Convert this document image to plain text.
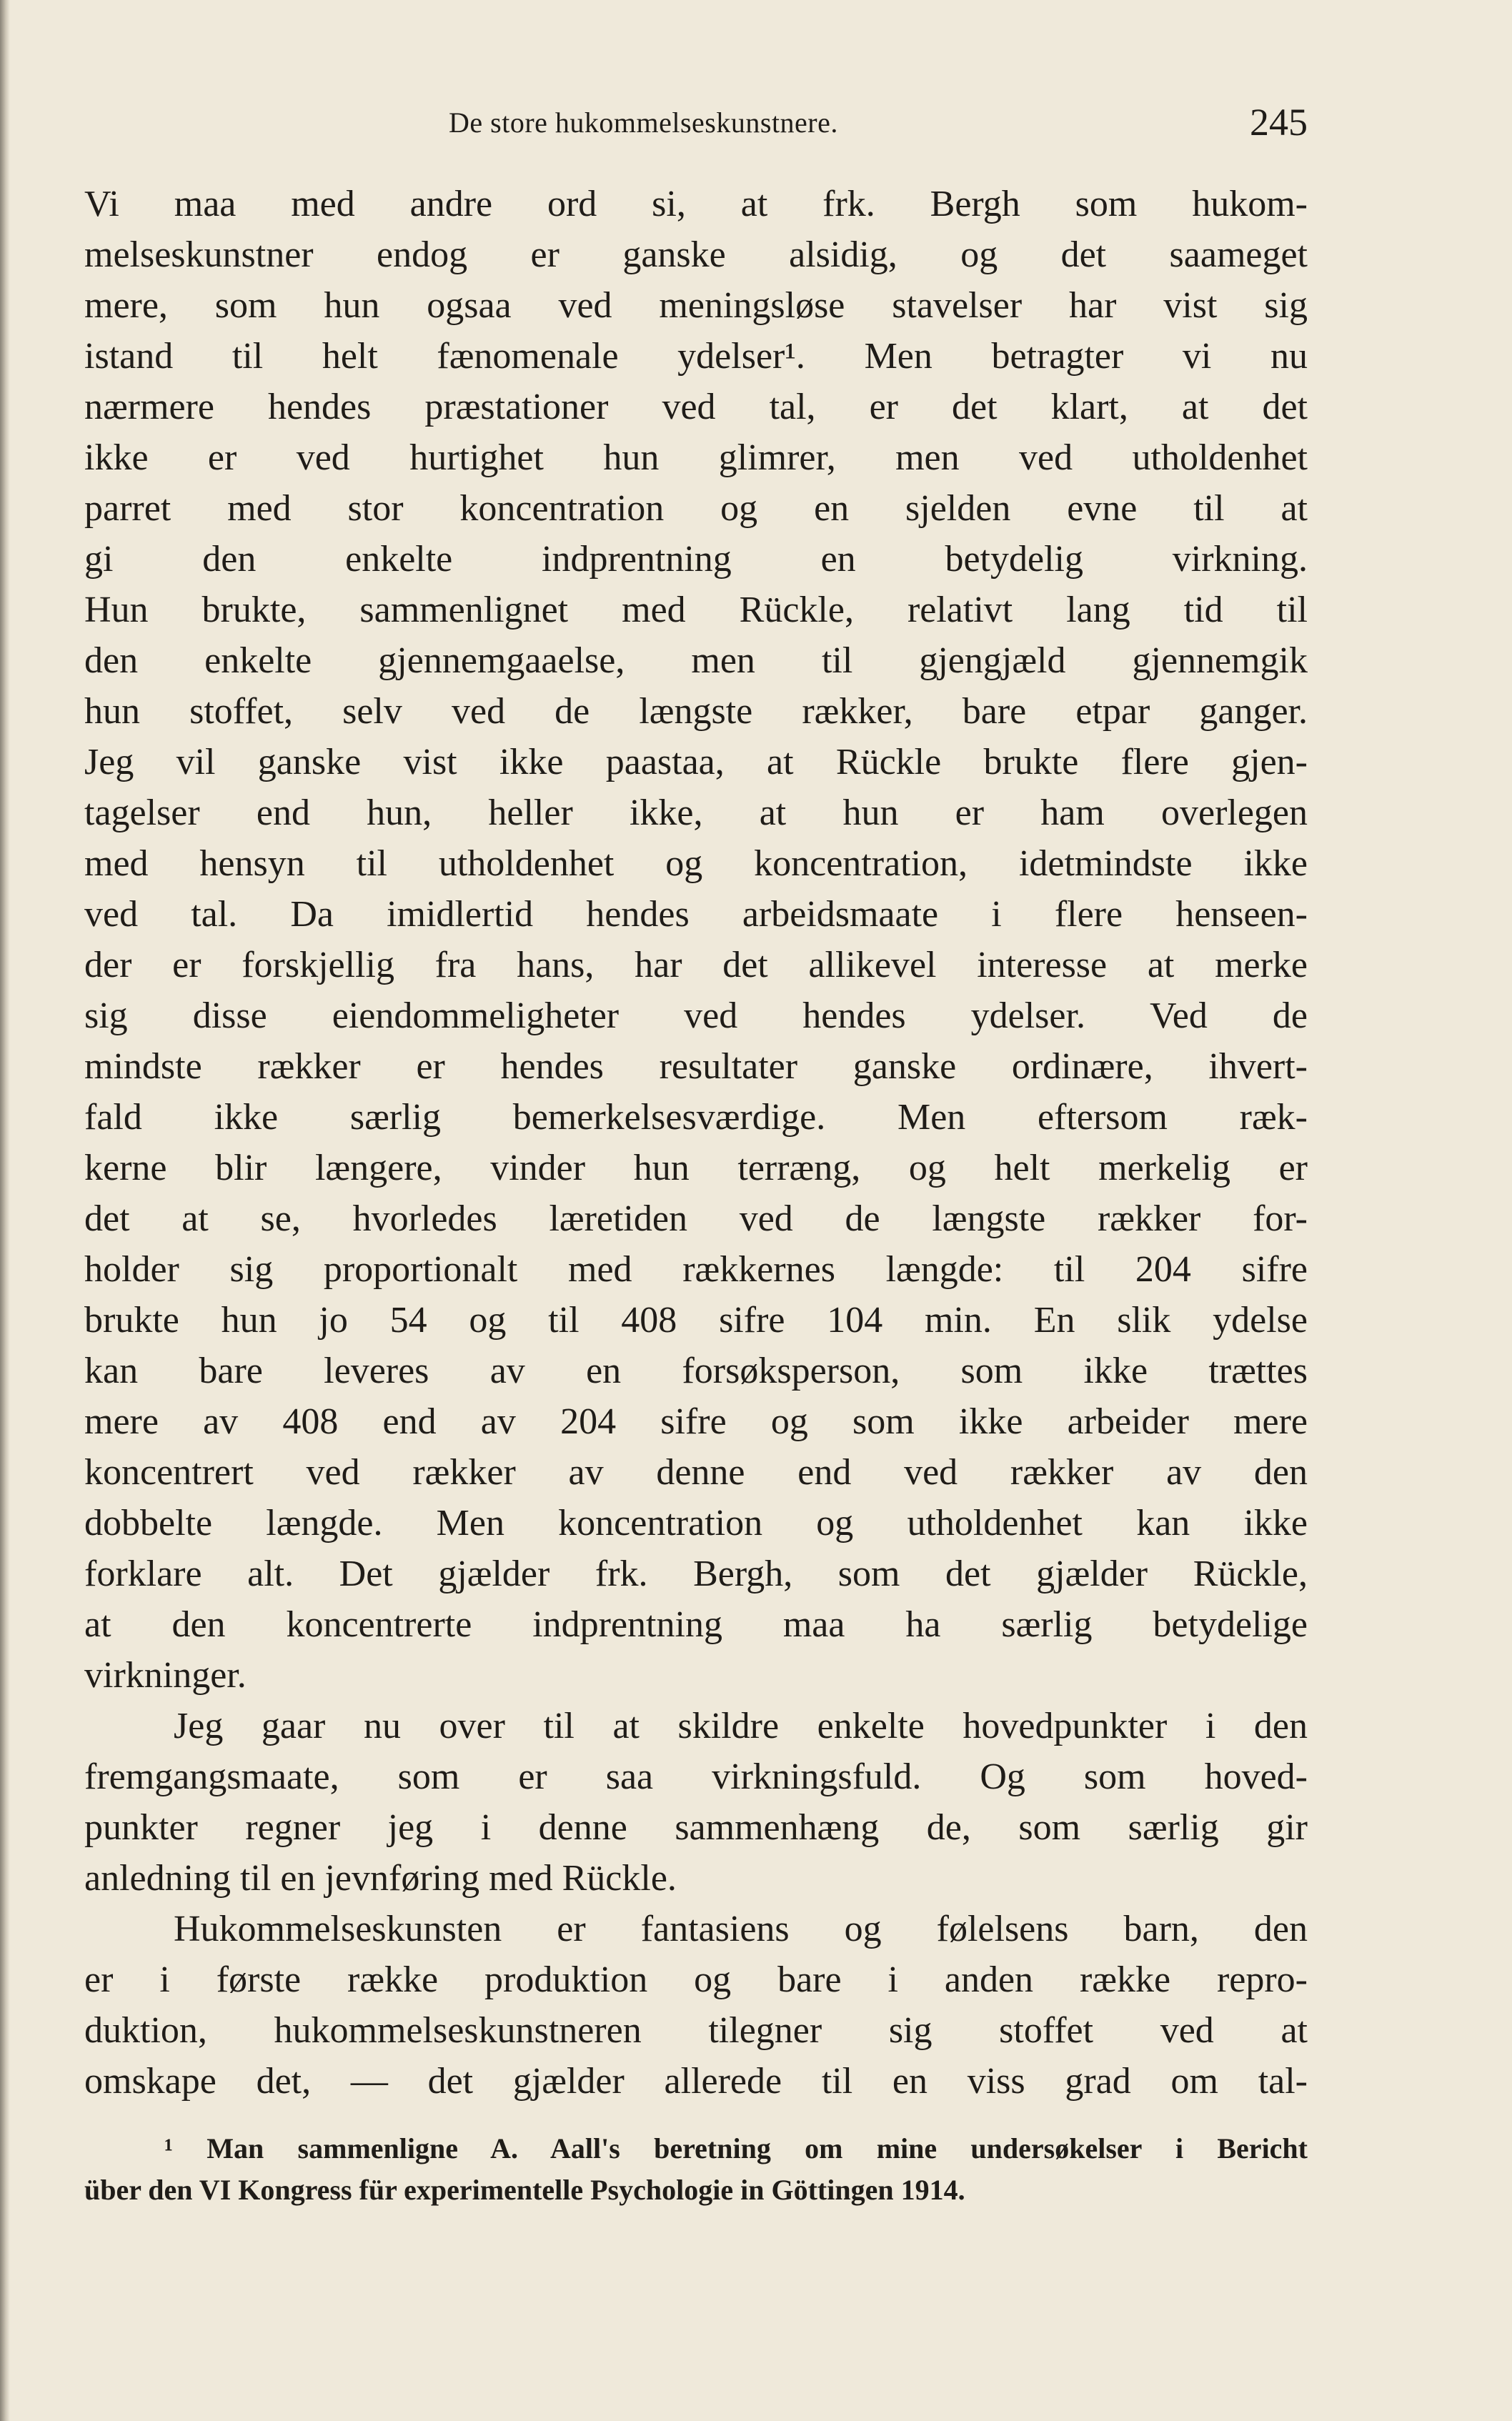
De store hukommelseskunstnere.	245
Vi maa med andre ord si, at frk. Bergh som hukom-
melseskunstner endog er ganske alsidig, og det saameget
mere, som hun ogsaa ved meningsløse stavelser har vist sig
istand til helt fænomenale ydelser¹. Men betragter vi nu
nærmere hendes præstationer ved tal, er det klart, at det
ikke er ved hurtighet hun glimrer, men ved utholdenhet
parret med stor koncentration og en sjelden evne til at
gi den enkelte indprentning en betydelig virkning.
Hun brukte, sammenlignet med Rückle, relativt lang tid til
den enkelte gjennemgaaelse, men til gjengjæld gjennemgik
hun stoffet, selv ved de længste rækker, bare etpar ganger.
Jeg vil ganske vist ikke paastaa, at Rückle brukte flere gjen-
tagelser end hun, heller ikke, at hun er ham overlegen
med hensyn til utholdenhet og koncentration, idetmindste ikke
ved tal. Da imidlertid hendes arbeidsmaate i flere henseen-
der er forskjellig fra hans, har det allikevel interesse at merke
sig disse eiendommeligheter ved hendes ydelser. Ved de
mindste rækker er hendes resultater ganske ordinære, ihvert-
fald ikke særlig bemerkelsesværdige. Men eftersom ræk-
kerne blir længere, vinder hun terræng, og helt merkelig er
det at se, hvorledes læretiden ved de længste rækker for-
holder sig proportionalt med rækkernes længde: til 204 sifre
brukte hun jo 54 og til 408 sifre 104 min. En slik ydelse
kan bare leveres av en forsøksperson, som ikke trættes
mere av 408 end av 204 sifre og som ikke arbeider mere
koncentrert ved rækker av denne end ved rækker av den
dobbelte længde. Men koncentration og utholdenhet kan ikke
forklare alt. Det gjælder frk. Bergh, som det gjælder Rückle,
at den koncentrerte indprentning maa ha særlig betydelige
virkninger.
Jeg gaar nu over til at skildre enkelte hovedpunkter i den
fremgangsmaate, som er saa virkningsfuld. Og som hoved-
punkter regner jeg i denne sammenhæng de, som særlig gir
anledning til en jevnføring med Rückle.
Hukommelseskunsten er fantasiens og følelsens barn, den
er i første række produktion og bare i anden række repro-
duktion, hukommelseskunstneren tilegner sig stoffet ved at
omskape det, — det gjælder allerede til en viss grad om tal-
¹ Man sammenligne A. Aall's beretning om mine undersøkelser i Bericht
über den VI Kongress für experimentelle Psychologie in Göttingen 1914.
